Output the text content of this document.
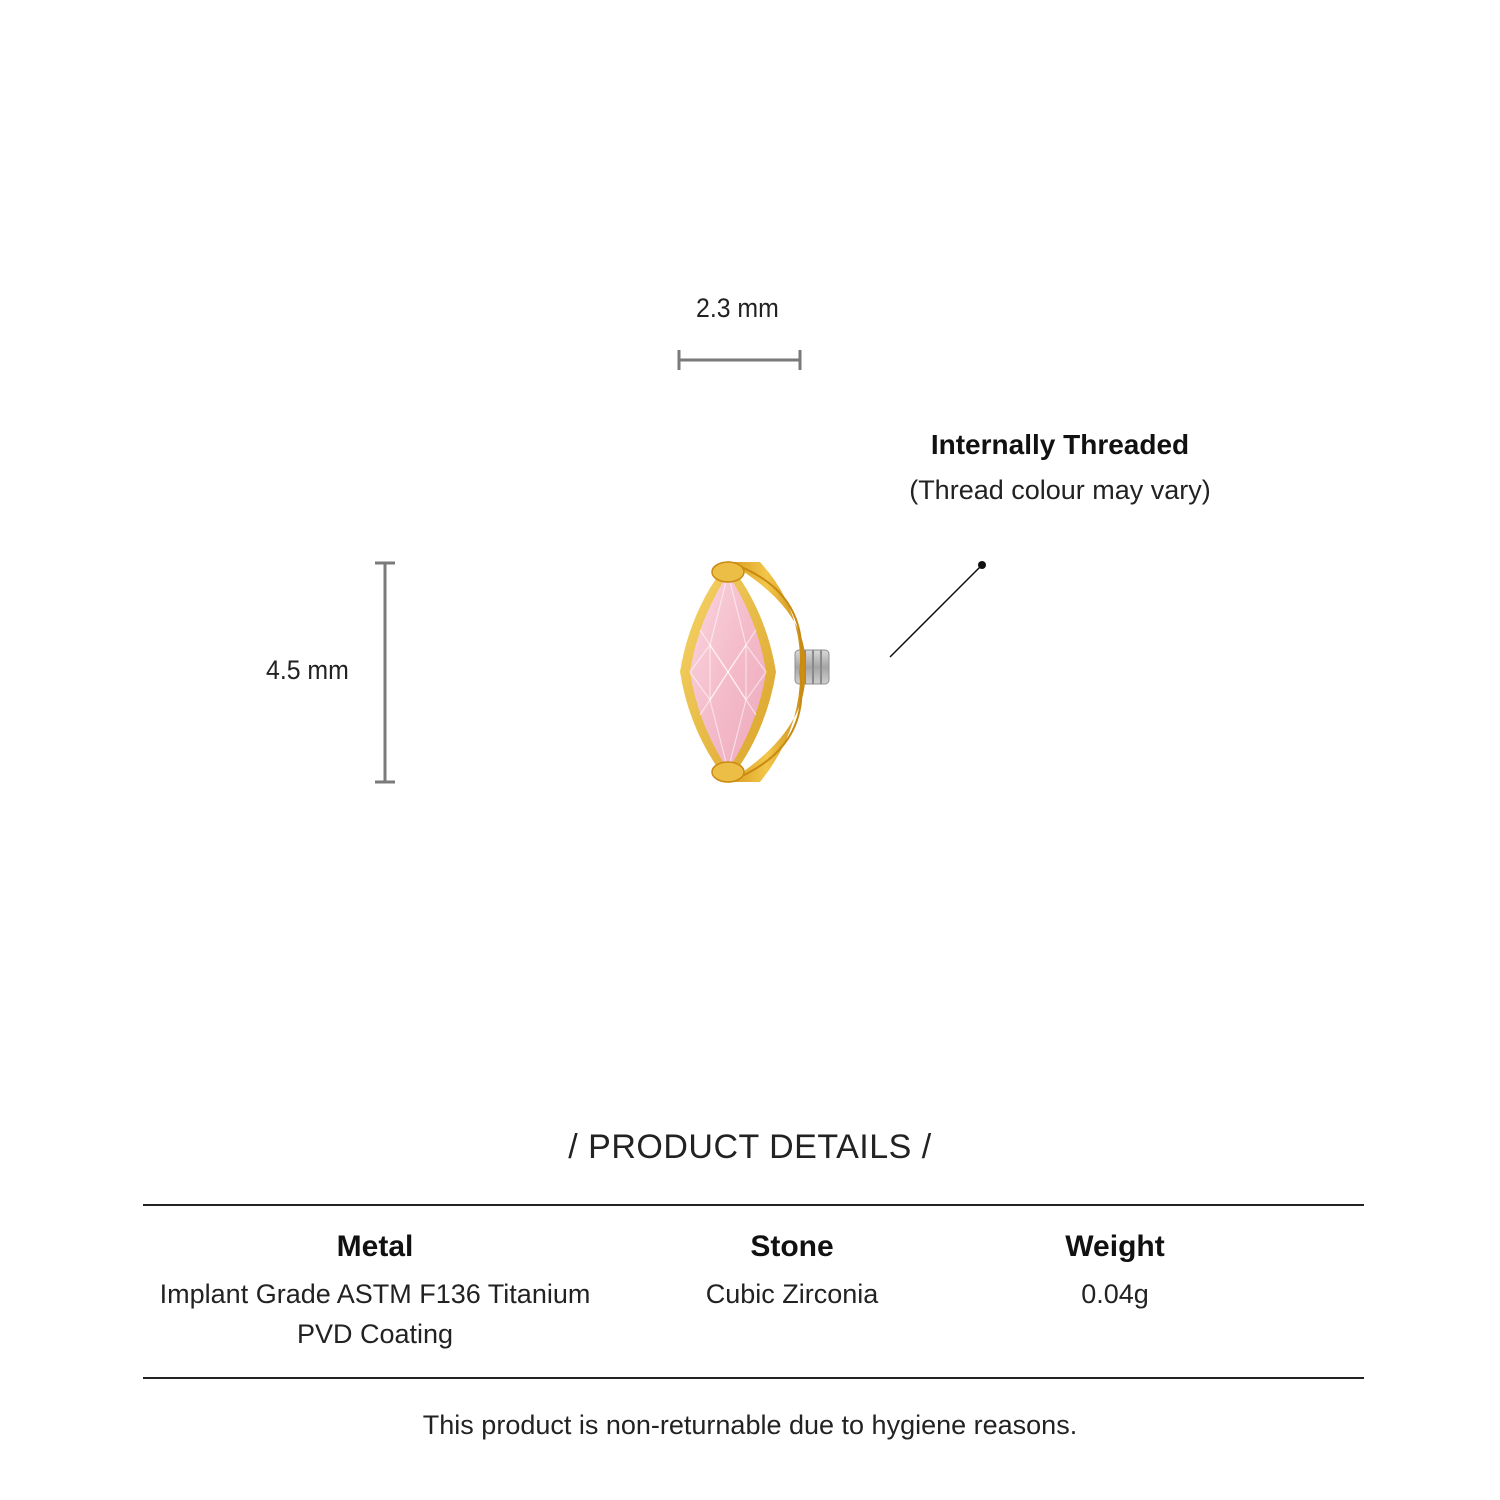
2.3 mm
4.5 mm
Internally Threaded
(Thread colour may vary)
/ PRODUCT DETAILS /
Metal
Implant Grade ASTM F136 Titanium
PVD Coating
Stone
Cubic Zirconia
Weight
0.04g
This product is non-returnable due to hygiene reasons.
